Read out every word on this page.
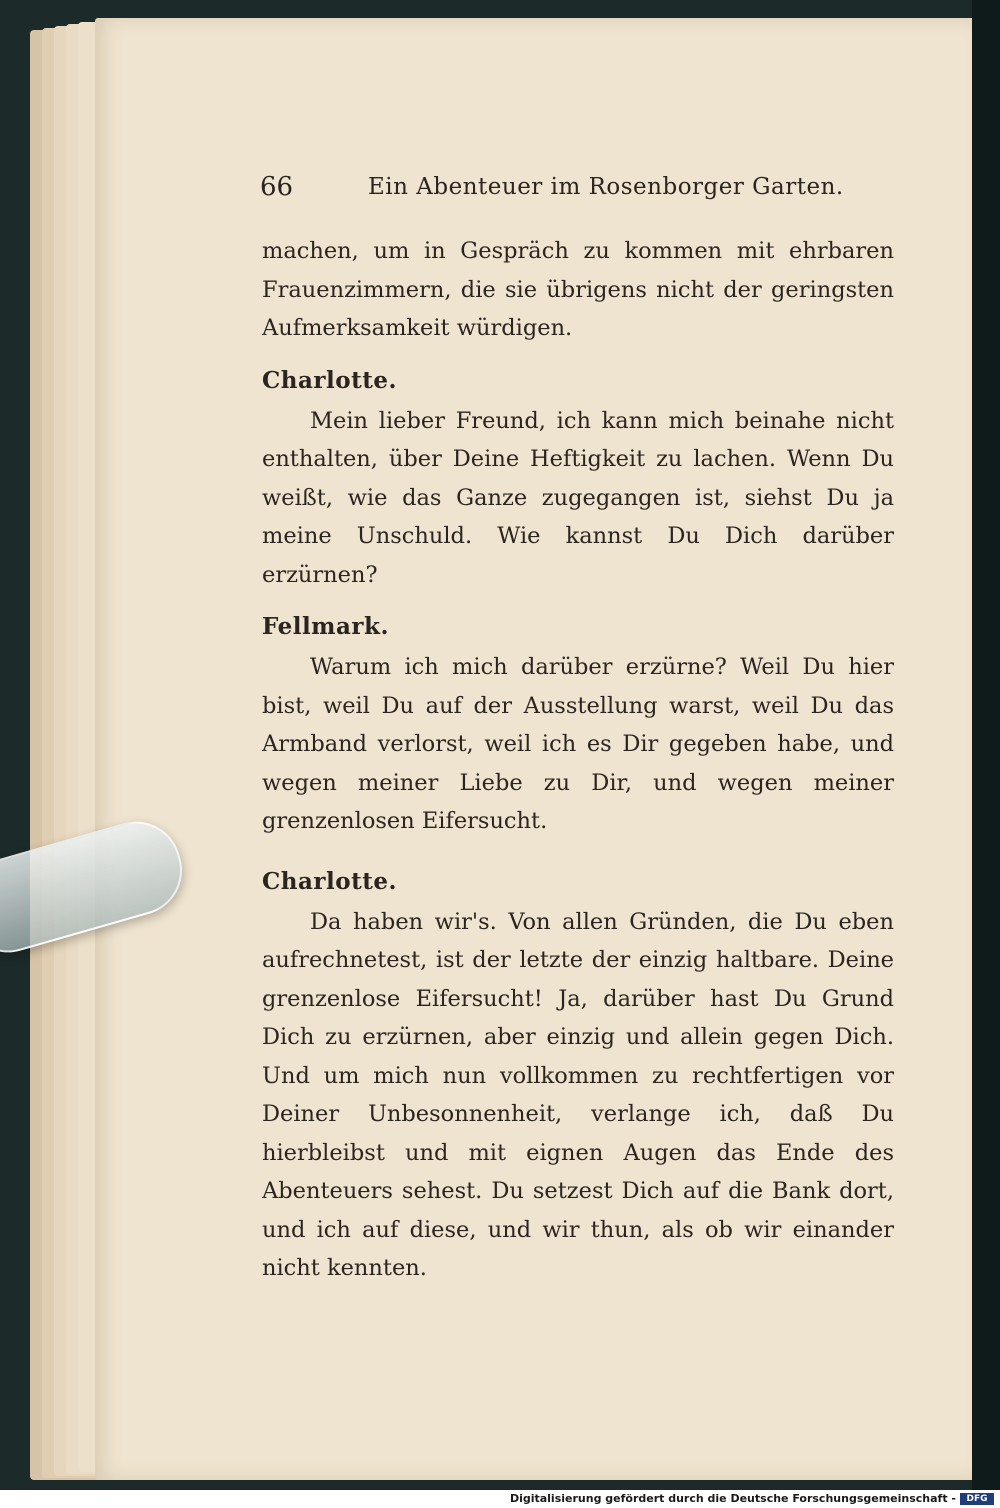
66	Ein Abenteuer im Rosenborger Garten.

machen, um in Gespräch zu kommen mit ehrbaren Frauenzimmern, die sie übrigens nicht der geringsten Aufmerksamkeit würdigen.

Charlotte.

Mein lieber Freund, ich kann mich beinahe nicht enthalten, über Deine Heftigkeit zu lachen. Wenn Du weißt, wie das Ganze zugegangen ist, siehst Du ja meine Unschuld. Wie kannst Du Dich darüber erzürnen?

Fellmark.

Warum ich mich darüber erzürne? Weil Du hier bist, weil Du auf der Ausstellung warst, weil Du das Armband verlorst, weil ich es Dir gegeben habe, und wegen meiner Liebe zu Dir, und wegen meiner grenzenlosen Eifersucht.

Charlotte.

Da haben wir's. Von allen Gründen, die Du eben aufrechnetest, ist der letzte der einzig haltbare. Deine grenzenlose Eifersucht! Ja, darüber hast Du Grund Dich zu erzürnen, aber einzig und allein gegen Dich. Und um mich nun vollkommen zu rechtfertigen vor Deiner Unbesonnenheit, verlange ich, daß Du hierbleibst und mit eignen Augen das Ende des Abenteuers sehest. Du setzest Dich auf die Bank dort, und ich auf diese, und wir thun, als ob wir einander nicht kennten.

Digitalisierung gefördert durch die Deutsche Forschungsgemeinschaft -	DFG
